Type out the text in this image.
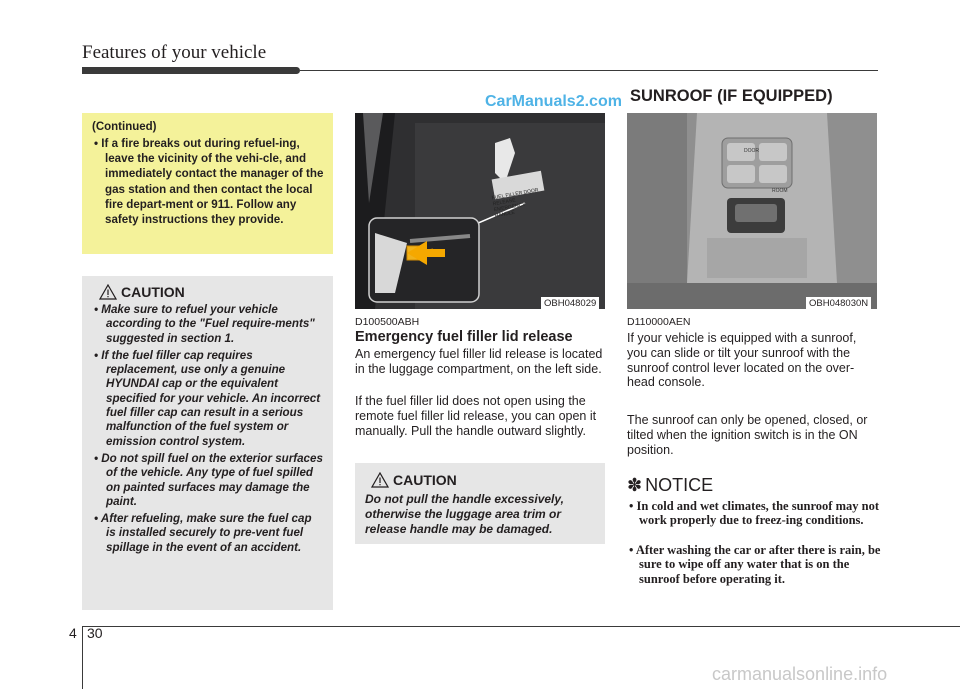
Features of your vehicle
CarManuals2.com
(Continued)
• If a fire breaks out during refuel-ing, leave the vicinity of the vehi-cle, and immediately contact the manager of the gas station and then contact the local fire depart-ment or 911. Follow any safety instructions they provide.
CAUTION
• Make sure to refuel your vehicle according to the "Fuel require-ments" suggested in section 1.
• If the fuel filler cap requires replacement, use only a genuine HYUNDAI cap or the equivalent specified for your vehicle. An incorrect fuel filler cap can result in a serious malfunction of the fuel system or emission control system.
• Do not spill fuel on the exterior surfaces of the vehicle. Any type of fuel spilled on painted surfaces may damage the paint.
• After refueling, make sure the fuel cap is installed securely to pre-vent fuel spillage in the event of an accident.
FUEL FILLER DOOR RELEASE EMERGENCY HANDLE
OBH048029
D100500ABH
Emergency fuel filler lid release
An emergency fuel filler lid release is located in the luggage compartment, on the left side.
If the fuel filler lid does not open using the remote fuel filler lid release, you can open it manually. Pull the handle outward slightly.
CAUTION
Do not pull the handle excessively, otherwise the luggage area trim or release handle may be damaged.
SUNROOF (IF EQUIPPED)
DOOR
ROOM
OBH048030N
D110000AEN
If your vehicle is equipped with a sunroof, you can slide or tilt your sunroof with the sunroof control lever located on the over-head console.
The sunroof can only be opened, closed, or tilted when the ignition switch is in the ON position.
✽ NOTICE
• In cold and wet climates, the sunroof may not work properly due to freez-ing conditions.
• After washing the car or after there is rain, be sure to wipe off any water that is on the sunroof before operating it.
4 30
carmanualsonline.info
